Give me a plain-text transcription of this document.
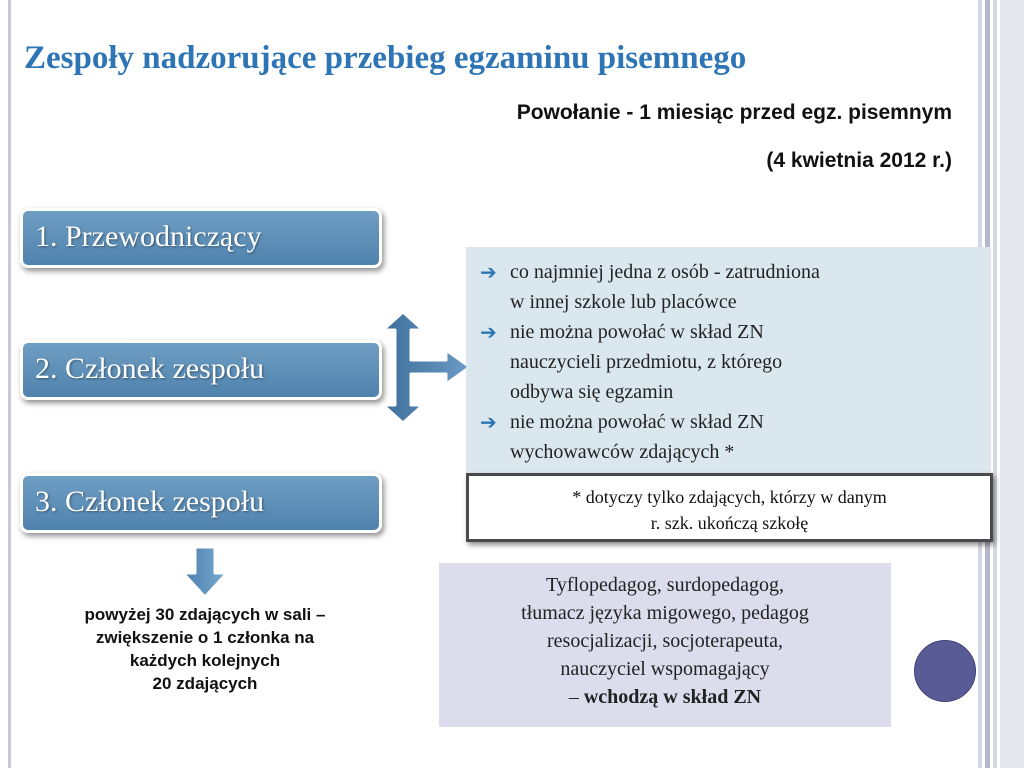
Zespoły nadzorujące przebieg egzaminu pisemnego
Powołanie - 1 miesiąc przed egz. pisemnym
(4 kwietnia 2012 r.)
1. Przewodniczący
2. Członek zespołu
3. Członek zespołu
➔ co najmniej jedna z osób - zatrudniona
w innej szkole lub placówce
➔ nie można powołać w skład ZN
nauczycieli przedmiotu, z którego
odbywa się egzamin
➔ nie można powołać w skład ZN
wychowawców zdających *
* dotyczy tylko zdających, którzy w danym
r. szk. ukończą szkołę
powyżej 30 zdających w sali –
zwiększenie o 1 członka na
każdych kolejnych
20 zdających
Tyflopedagog, surdopedagog,
tłumacz języka migowego, pedagog
resocjalizacji, socjoterapeuta,
nauczyciel wspomagający
– wchodzą w skład ZN
